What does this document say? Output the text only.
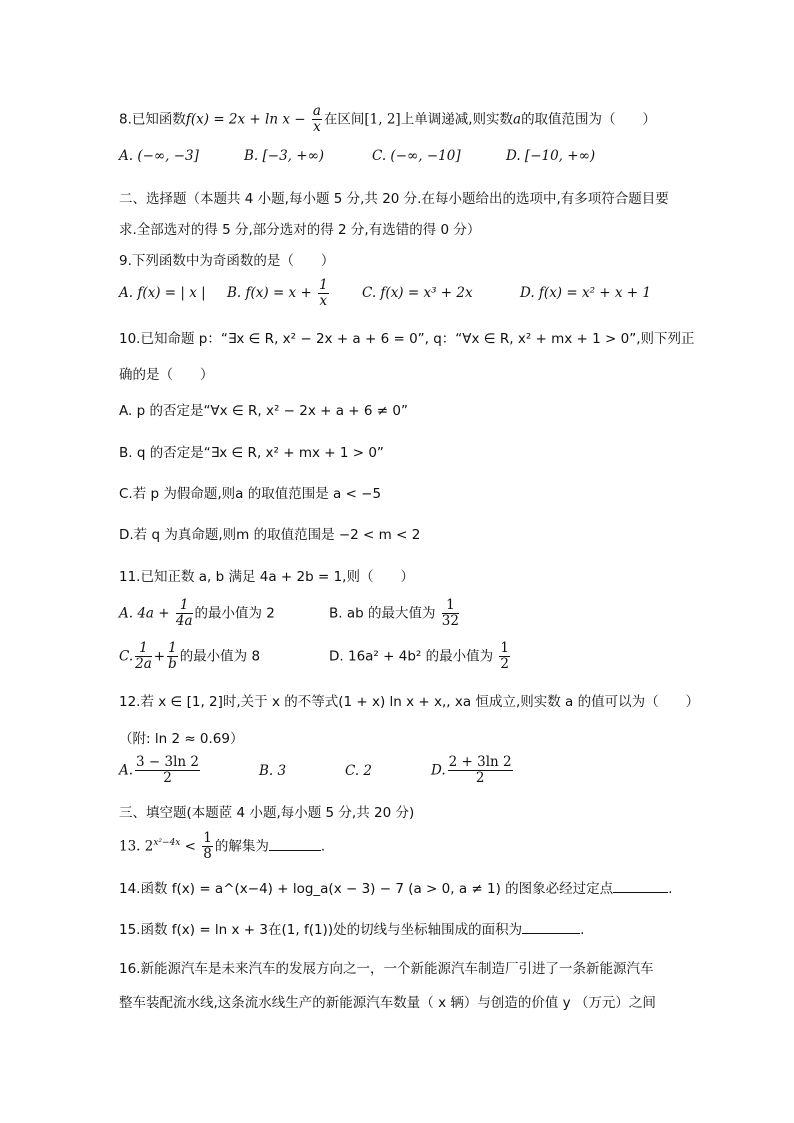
8.已知函数$f(x) = 2x + \ln x - \frac{a}{x}$ 在区间[1, 2]上单调递减,则实数a的取值范围为（　　）
A. (−∞, −3]	B. [−3, +∞)	C. (−∞, −10]	D. [−10, +∞)
二、选择题（本题共 4 小题,每小题 5 分,共 20 分.在每小题给出的选项中,有多项符合题目要
求.全部选对的得 5 分,部分选对的得 2 分,有选错的得 0 分）
9.下列函数中为奇函数的是（　　）
A. f(x) = | x | B. $f(x) = x + \frac{1}{x} C$. f(x) = x³ + 2x	D. f(x) = x² + x + 1
10.已知命题 p：“∃x ∈ R, x² − 2x + a + 6 = 0”, q：“∀x ∈ R, x² + mx + 1 > 0”,则下列正
确的是（　　）
A. p 的否定是“∀x ∈ R, x² − 2x + a + 6 ≠ 0”
B. q 的否定是“∃x ∈ R, x² + mx + 1 > 0”
C.若 p 为假命题,则a 的取值范围是 a < −5
D.若 q 为真命题,则m 的取值范围是 −2 < m < 2
11.已知正数 a, b 满足 4a + 2b = 1,则（　　）
A. $4a + \frac{1}{4a}$ 的最小值为 2	B. ab 的最大值为 $\frac{1}{32}$
C. $\frac{1}{2a} + \frac{1}{b}$ 的最小值为 8	D. 16a² + 4b² 的最小值为 $\frac{1}{2}$
12.若 x ∈ [1, 2]时,关于 x 的不等式(1 + x) ln x + x,, xa 恒成立,则实数 a 的值可以为（　　）
（附: ln 2 ≈ 0.69）
A. $\frac{3 - 3\ln 2}{2}$	B. 3	C. 2	D. $\frac{2 + 3\ln 2}{2}$
三、填空题(本题茝 4 小题,每小题 5 分,共 20 分)
13. $2^{x^2-4x} < \frac{1}{8}$ 的解集为	.
14.函数 f(x) = a^(x−4) + log_a(x − 3) − 7 (a > 0, a ≠ 1) 的图象必经过定点	.
15.函数 f(x) = ln x + 3在(1, f(1))处的切线与坐标轴围成的面积为	.
16.新能源汽车是未来汽车的发展方向之一，一个新能源汽车制造厂引进了一条新能源汽车
整车装配流水线,这条流水线生产的新能源汽车数量（ x 辆）与创造的价值 y （万元）之间
